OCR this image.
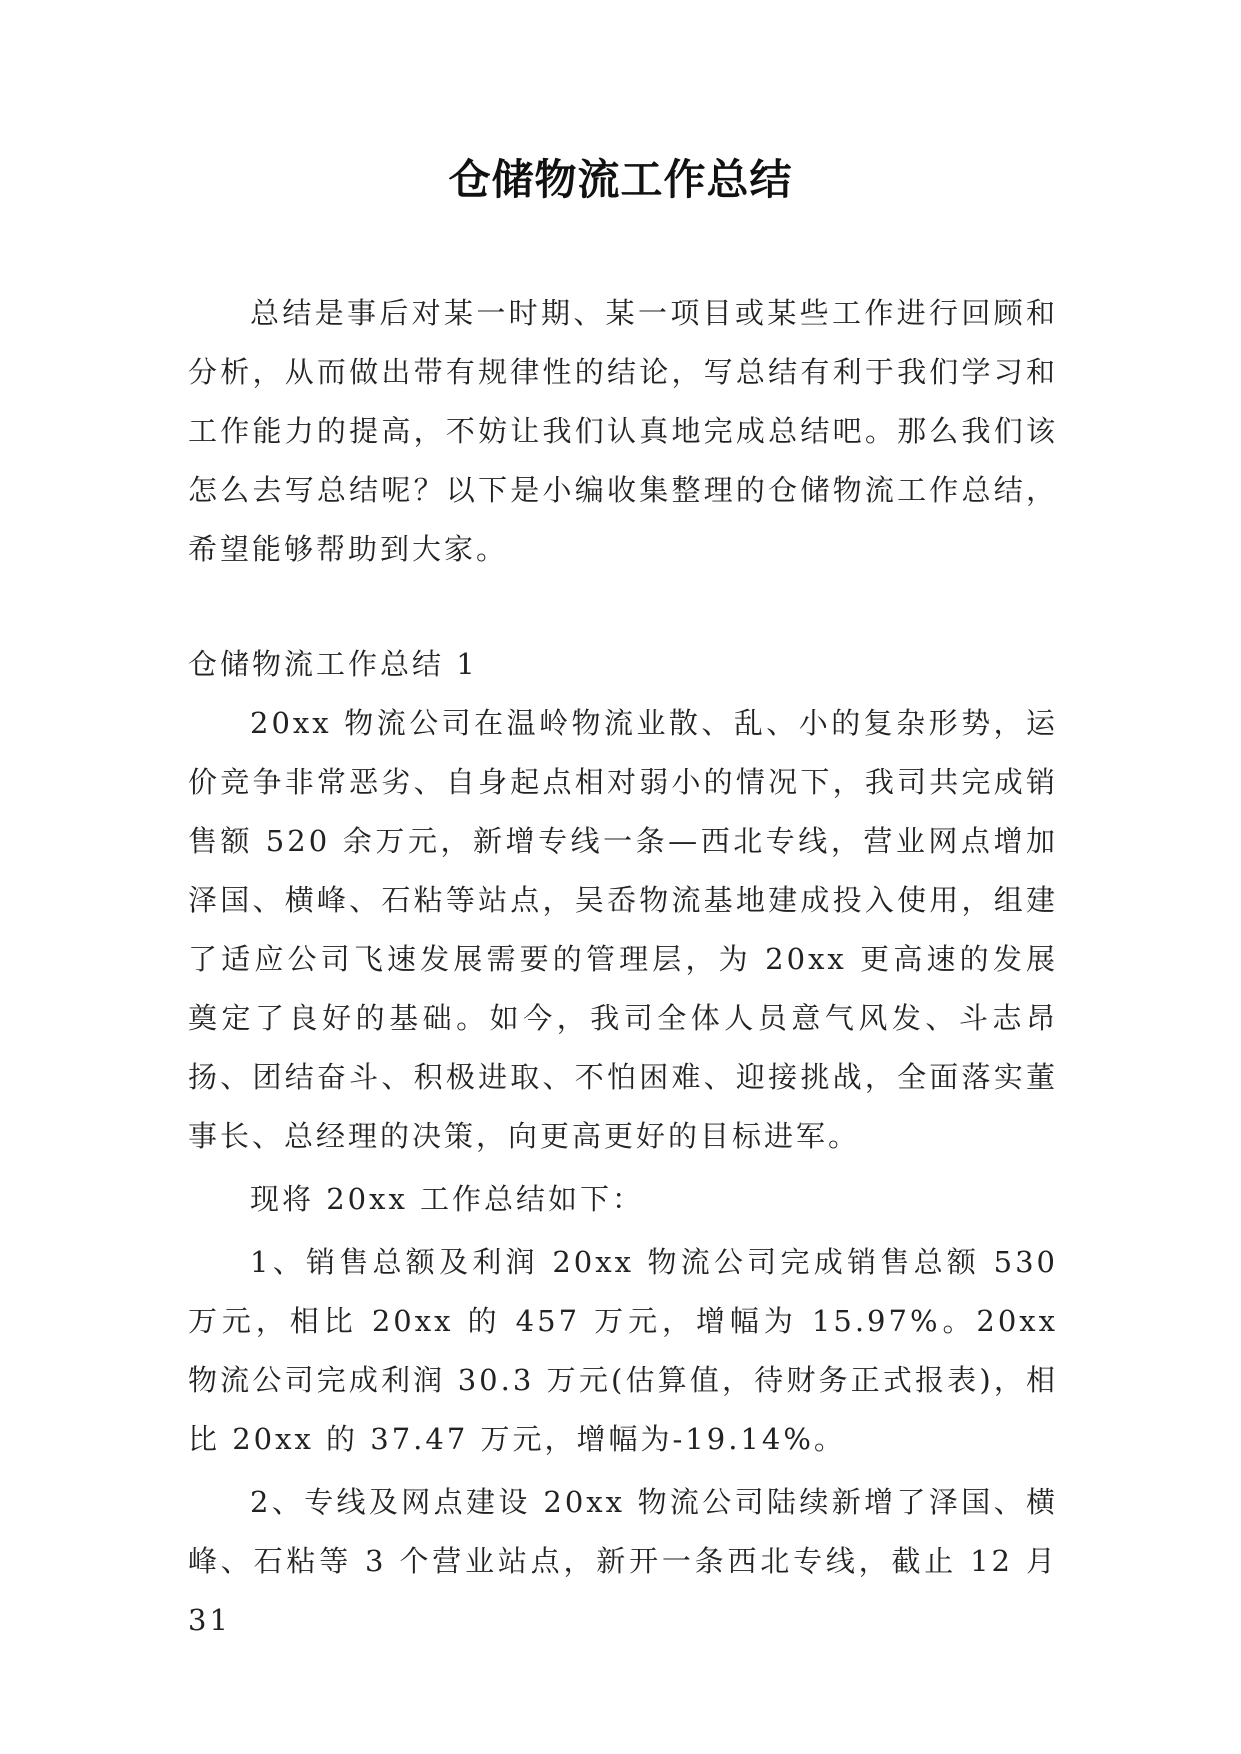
仓储物流工作总结

总结是事后对某一时期、某一项目或某些工作进行回顾和分析，从而做出带有规律性的结论，写总结有利于我们学习和工作能力的提高，不妨让我们认真地完成总结吧。那么我们该怎么去写总结呢？以下是小编收集整理的仓储物流工作总结，希望能够帮助到大家。

仓储物流工作总结 1

20xx 物流公司在温岭物流业散、乱、小的复杂形势，运价竞争非常恶劣、自身起点相对弱小的情况下，我司共完成销售额 520 余万元，新增专线一条—西北专线，营业网点增加泽国、横峰、石粘等站点，吴岙物流基地建成投入使用，组建了适应公司飞速发展需要的管理层，为 20xx 更高速的发展奠定了良好的基础。如今，我司全体人员意气风发、斗志昂扬、团结奋斗、积极进取、不怕困难、迎接挑战，全面落实董事长、总经理的决策，向更高更好的目标进军。

现将 20xx 工作总结如下：

1、销售总额及利润 20xx 物流公司完成销售总额 530 万元，相比 20xx 的 457 万元，增幅为 15.97%。20xx 物流公司完成利润 30.3 万元(估算值，待财务正式报表)，相比 20xx 的 37.47 万元，增幅为-19.14%。

2、专线及网点建设 20xx 物流公司陆续新增了泽国、横峰、石粘等 3 个营业站点，新开一条西北专线，截止 12 月 31
